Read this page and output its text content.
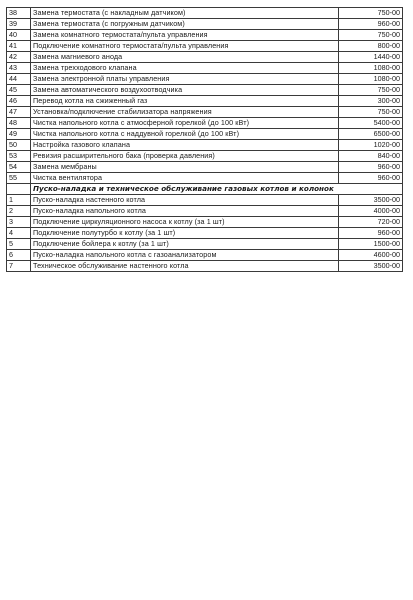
38	Замена термостата (с накладным датчиком)	750-00
39	Замена термостата (с погружным датчиком)	960-00
40	Замена комнатного термостата/пульта управления	750-00
41	Подключение комнатного термостата/пульта управления	800-00
42	Замена магниевого анода	1440-00
43	Замена трехходового клапана	1080-00
44	Замена электронной платы управления	1080-00
45	Замена автоматического воздухоотводчика	750-00
46	Перевод котла на сжиженный газ	300-00
47	Установка/подключение стабилизатора напряжения	750-00
48	Чистка напольного котла с атмосферной горелкой (до 100 кВт)	5400-00
49	Чистка напольного котла с наддувной горелкой (до 100 кВт)	6500-00
50	Настройка газового клапана	1020-00
53	Ревизия расширительного бака (проверка давления)	840-00
54	Замена мембраны	960-00
55	Чистка вентилятора	960-00
	Пуско-наладка и техническое обслуживание газовых котлов и колонок	
1	Пуско-наладка настенного котла	3500-00
2	Пуско-наладка напольного котла	4000-00
3	Подключение циркуляционного насоса к котлу (за 1 шт)	720-00
4	Подключение полутурбо к котлу (за 1 шт)	960-00
5	Подключение бойлера к котлу (за 1 шт)	1500-00
6	Пуско-наладка напольного котла с газоанализатором	4600-00
7	Техническое обслуживание настенного котла	3500-00
